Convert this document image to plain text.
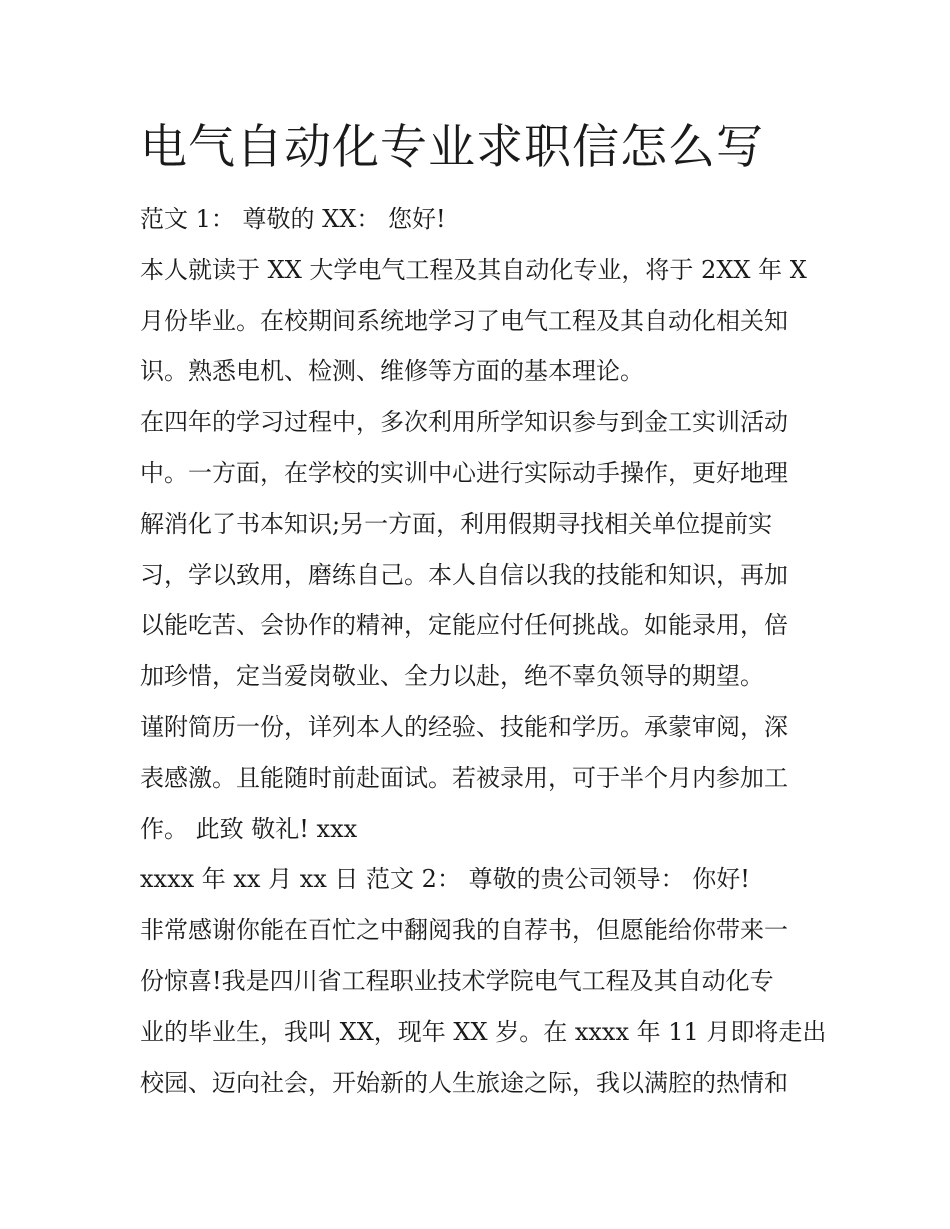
电气自动化专业求职信怎么写

范文 1： 尊敬的 XX： 您好!

本人就读于 XX 大学电气工程及其自动化专业，将于 2XX 年 X
月份毕业。在校期间系统地学习了电气工程及其自动化相关知
识。熟悉电机、检测、维修等方面的基本理论。

在四年的学习过程中，多次利用所学知识参与到金工实训活动
中。一方面，在学校的实训中心进行实际动手操作，更好地理
解消化了书本知识;另一方面，利用假期寻找相关单位提前实
习，学以致用，磨练自己。本人自信以我的技能和知识，再加
以能吃苦、会协作的精神，定能应付任何挑战。如能录用，倍
加珍惜，定当爱岗敬业、全力以赴，绝不辜负领导的期望。

谨附简历一份，详列本人的经验、技能和学历。承蒙审阅，深
表感激。且能随时前赴面试。若被录用，可于半个月内参加工
作。 此致 敬礼! xxx

xxxx 年 xx 月 xx 日 范文 2： 尊敬的贵公司领导： 你好!

非常感谢你能在百忙之中翻阅我的自荐书，但愿能给你带来一
份惊喜!我是四川省工程职业技术学院电气工程及其自动化专
业的毕业生，我叫 XX，现年 XX 岁。在 xxxx 年 11 月即将走出
校园、迈向社会，开始新的人生旅途之际，我以满腔的热情和
